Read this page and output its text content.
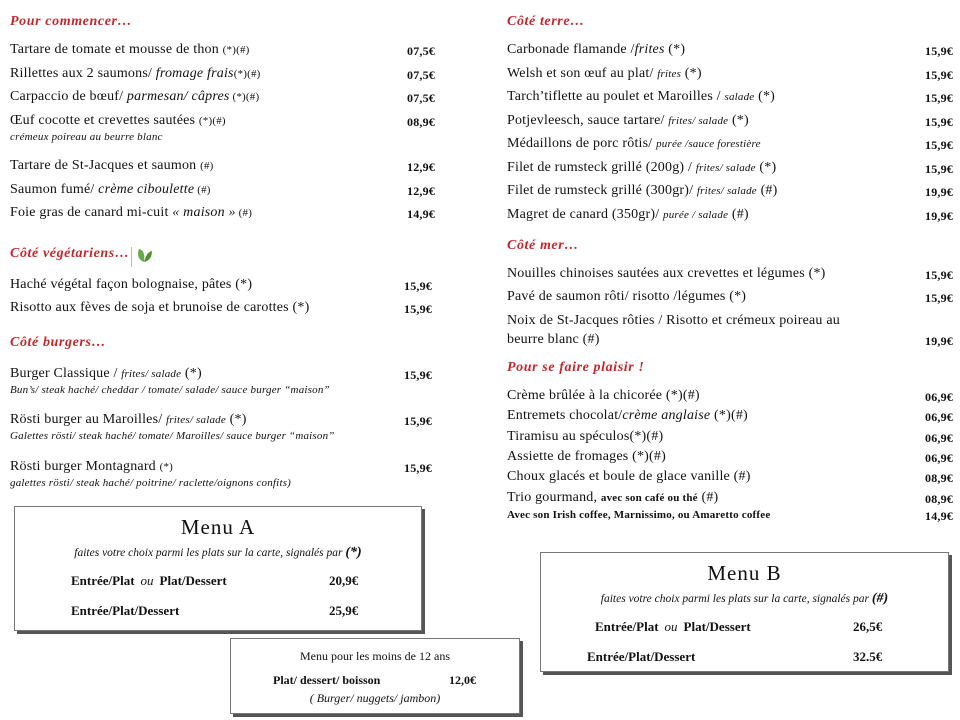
Pour commencer…
Tartare de tomate et mousse de thon (*)(#)	07,5€
Rillettes aux 2 saumons/ fromage frais(*)(#)	07,5€
Carpaccio de bœuf/ parmesan/ câpres (*)(#)	07,5€
Œuf cocotte et crevettes sautées (*)(#)	08,9€
crémeux poireau au beurre blanc
Tartare de St-Jacques et saumon (#)	12,9€
Saumon fumé/ crème ciboulette (#)	12,9€
Foie gras de canard mi-cuit « maison » (#)	14,9€
Côté végétariens…
Haché végétal façon bolognaise, pâtes (*)	15,9€
Risotto aux fèves de soja et brunoise de carottes (*)	15,9€
Côté burgers…
Burger Classique / frites/ salade (*)	15,9€
Bun’s/ steak haché/ cheddar / tomate/ salade/ sauce burger “maison”
Rösti burger au Maroilles/ frites/ salade (*)	15,9€
Galettes rösti/ steak haché/ tomate/ Maroilles/ sauce burger “maison”
Rösti burger Montagnard (*)	15,9€
galettes rösti/ steak haché/ poitrine/ raclette/oignons confits)
Côté terre…
Carbonade flamande /frites (*)	15,9€
Welsh et son œuf au plat/ frites (*)	15,9€
Tarch’tiflette au poulet et Maroilles / salade (*)	15,9€
Potjevleesch, sauce tartare/ frites/ salade (*)	15,9€
Médaillons de porc rôtis/ purée /sauce forestière	15,9€
Filet de rumsteck grillé (200g) / frites/ salade (*)	15,9€
Filet de rumsteck grillé (300gr)/ frites/ salade (#)	19,9€
Magret de canard (350gr)/ purée / salade (#)	19,9€
Côté mer…
Nouilles chinoises sautées aux crevettes et légumes (*)	15,9€
Pavé de saumon rôti/ risotto /légumes (*)	15,9€
Noix de St-Jacques rôties / Risotto et crémeux poireau au
beurre blanc (#)	19,9€
Pour se faire plaisir !
Crème brûlée à la chicorée (*)(#)	06,9€
Entremets chocolat/crème anglaise (*)(#)	06,9€
Tiramisu au spéculos(*)(#)	06,9€
Assiette de fromages (*)(#)	06,9€
Choux glacés et boule de glace vanille (#)	08,9€
Trio gourmand, avec son café ou thé (#)	08,9€
Avec son Irish coffee, Marnissimo, ou Amaretto coffee	14,9€
Menu A
faites votre choix parmi les plats sur la carte, signalés par (*)
Entrée/Plat ou Plat/Dessert	20,9€
Entrée/Plat/Dessert	25,9€
Menu pour les moins de 12 ans
Plat/ dessert/ boisson	12,0€
( Burger/ nuggets/ jambon)
Menu B
faites votre choix parmi les plats sur la carte, signalés par (#)
Entrée/Plat ou Plat/Dessert	26,5€
Entrée/Plat/Dessert	32.5€
